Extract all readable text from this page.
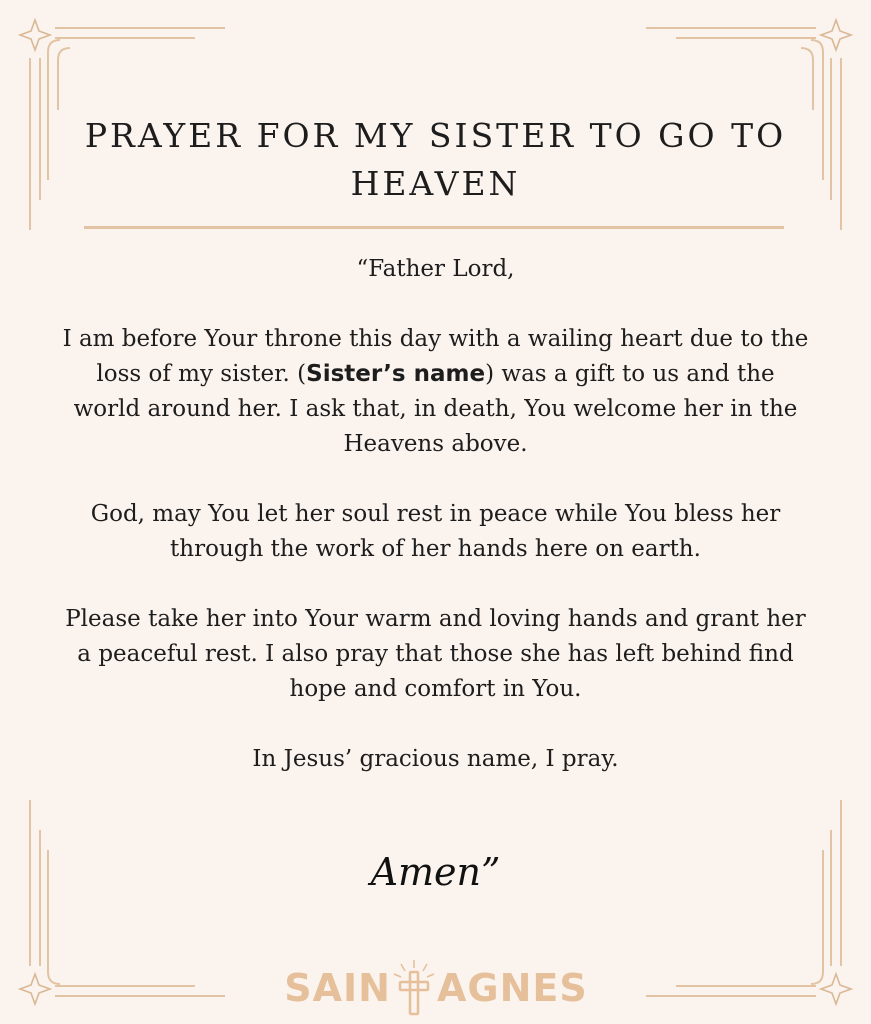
PRAYER FOR MY SISTER TO GO TO
HEAVEN

“Father Lord,

I am before Your throne this day with a wailing heart due to the loss of my sister. (Sister’s name) was a gift to us and the world around her. I ask that, in death, You welcome her in the Heavens above.

God, may You let her soul rest in peace while You bless her through the work of her hands here on earth.

Please take her into Your warm and loving hands and grant her a peaceful rest. I also pray that those she has left behind find hope and comfort in You.

In Jesus’ gracious name, I pray.

Amen”
SAIN AGNES
